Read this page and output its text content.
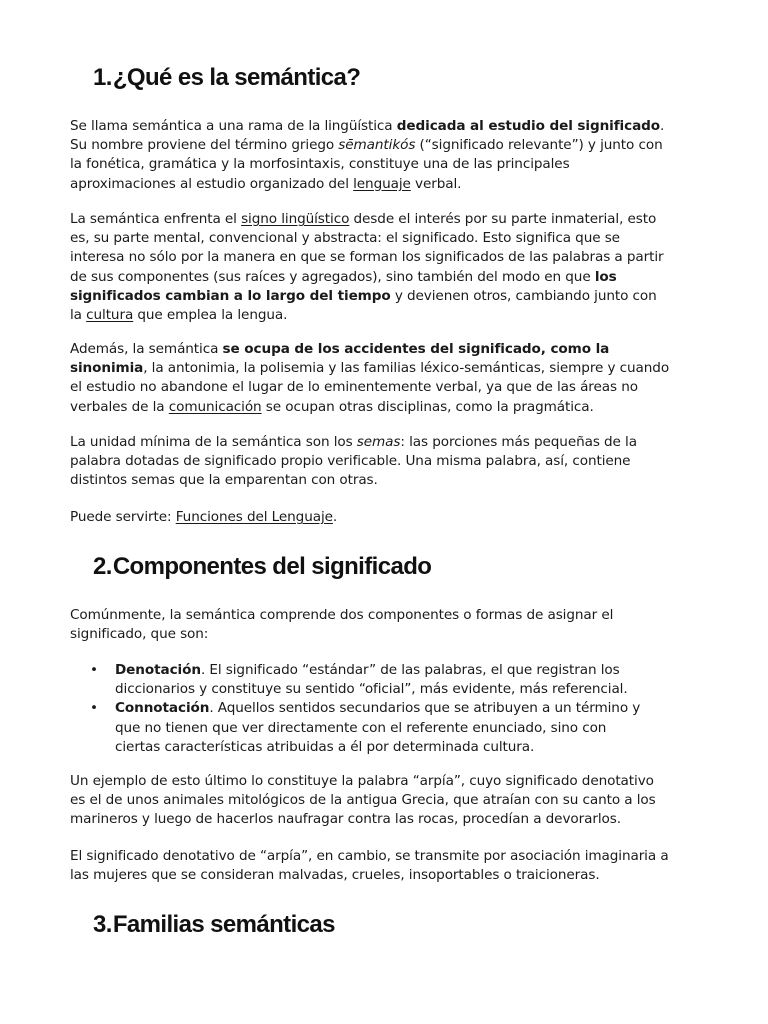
1.¿Qué es la semántica?

Se llama semántica a una rama de la lingüística dedicada al estudio del significado. Su nombre proviene del término griego sēmantikós (“significado relevante”) y junto con la fonética, gramática y la morfosintaxis, constituye una de las principales aproximaciones al estudio organizado del lenguaje verbal.

La semántica enfrenta el signo lingüístico desde el interés por su parte inmaterial, esto es, su parte mental, convencional y abstracta: el significado. Esto significa que se interesa no sólo por la manera en que se forman los significados de las palabras a partir de sus componentes (sus raíces y agregados), sino también del modo en que los significados cambian a lo largo del tiempo y devienen otros, cambiando junto con la cultura que emplea la lengua.

Además, la semántica se ocupa de los accidentes del significado, como la sinonimia, la antonimia, la polisemia y las familias léxico-semánticas, siempre y cuando el estudio no abandone el lugar de lo eminentemente verbal, ya que de las áreas no verbales de la comunicación se ocupan otras disciplinas, como la pragmática.

La unidad mínima de la semántica son los semas: las porciones más pequeñas de la palabra dotadas de significado propio verificable. Una misma palabra, así, contiene distintos semas que la emparentan con otras.

Puede servirte: Funciones del Lenguaje.

2.Componentes del significado

Comúnmente, la semántica comprende dos componentes o formas de asignar el significado, que son:

• Denotación. El significado “estándar” de las palabras, el que registran los diccionarios y constituye su sentido “oficial”, más evidente, más referencial.
• Connotación. Aquellos sentidos secundarios que se atribuyen a un término y que no tienen que ver directamente con el referente enunciado, sino con ciertas características atribuidas a él por determinada cultura.

Un ejemplo de esto último lo constituye la palabra “arpía”, cuyo significado denotativo es el de unos animales mitológicos de la antigua Grecia, que atraían con su canto a los marineros y luego de hacerlos naufragar contra las rocas, procedían a devorarlos.

El significado denotativo de “arpía”, en cambio, se transmite por asociación imaginaria a las mujeres que se consideran malvadas, crueles, insoportables o traicioneras.

3.Familias semánticas
